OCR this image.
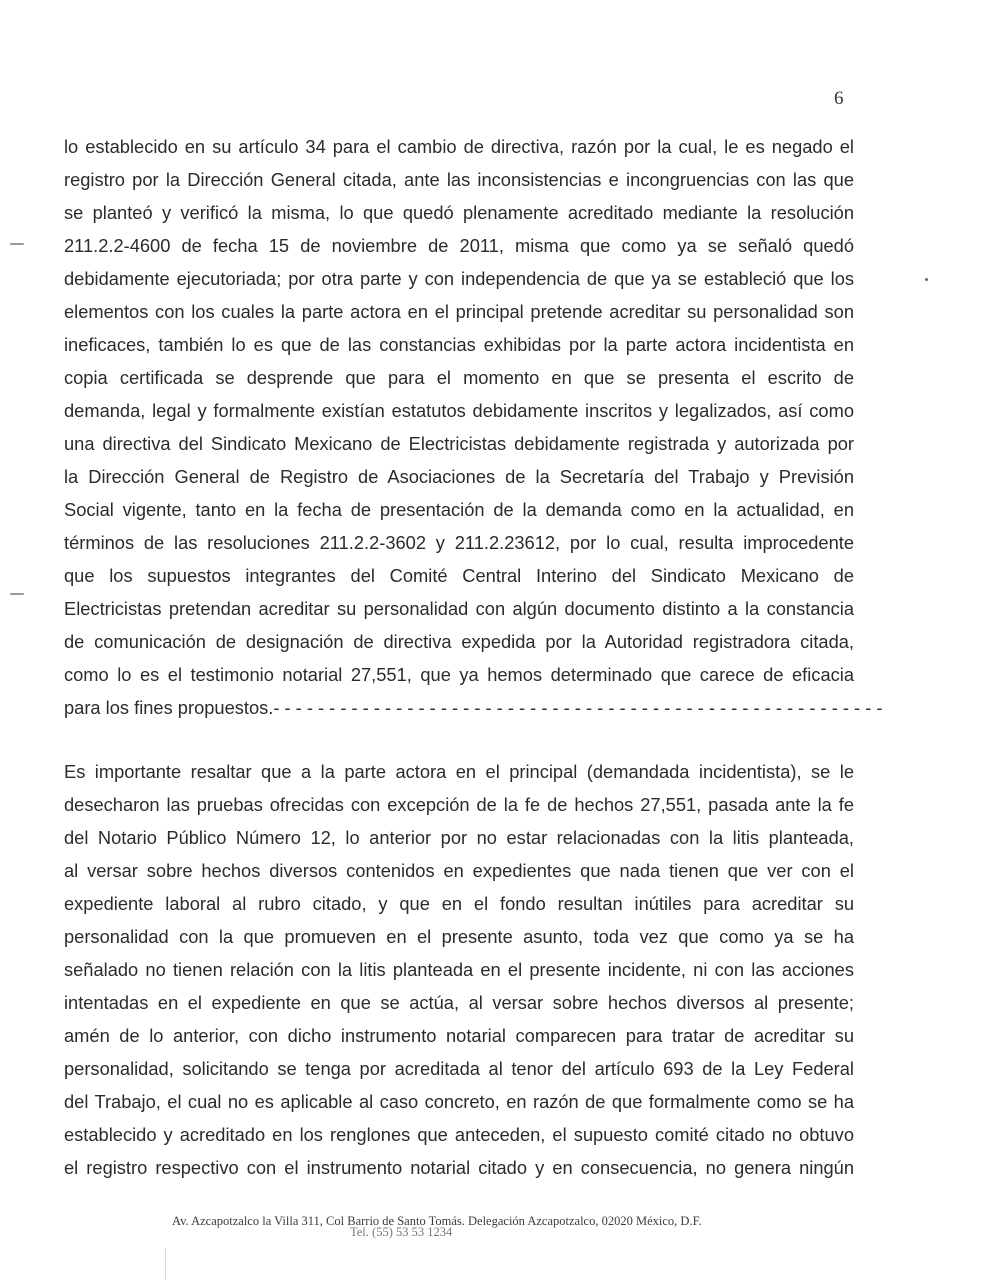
6
lo establecido en su artículo 34 para el cambio de directiva, razón por la cual, le es negado el
registro por la Dirección General citada, ante las inconsistencias e incongruencias con las que
se planteó y verificó la misma, lo que quedó plenamente acreditado mediante la resolución
211.2.2-4600 de fecha 15 de noviembre de 2011, misma que como ya se señaló quedó
debidamente ejecutoriada; por otra parte y con independencia de que ya se estableció que los
elementos con los cuales la parte actora en el principal pretende acreditar su personalidad son
ineficaces, también lo es que de las constancias exhibidas por la parte actora incidentista en
copia certificada se desprende que para el momento en que se presenta el escrito de
demanda, legal y formalmente existían estatutos debidamente inscritos y legalizados, así como
una directiva del Sindicato Mexicano de Electricistas debidamente registrada y autorizada por
la Dirección General de Registro de Asociaciones de la Secretaría del Trabajo y Previsión
Social vigente, tanto en la fecha de presentación de la demanda como en la actualidad, en
términos de las resoluciones 211.2.2-3602 y 211.2.23612, por lo cual, resulta improcedente
que los supuestos integrantes del Comité Central Interino del Sindicato Mexicano de
Electricistas pretendan acreditar su personalidad con algún documento distinto a la constancia
de comunicación de designación de directiva expedida por la Autoridad registradora citada,
como lo es el testimonio notarial 27,551, que ya hemos determinado que carece de eficacia
para los fines propuestos.- - - - - - - - - - - - - - - - - - - - - - - - - - - - - - - - - - - - - - - - - - - - - - - - - - - - - - -
Es importante resaltar que a la parte actora en el principal (demandada incidentista), se le
desecharon las pruebas ofrecidas con excepción de la fe de hechos 27,551, pasada ante la fe
del Notario Público Número 12, lo anterior por no estar relacionadas con la litis planteada,
al versar sobre hechos diversos contenidos en expedientes que nada tienen que ver con el
expediente laboral al rubro citado, y que en el fondo resultan inútiles para acreditar su
personalidad con la que promueven en el presente asunto, toda vez que como ya se ha
señalado no tienen relación con la litis planteada en el presente incidente, ni con las acciones
intentadas en el expediente en que se actúa, al versar sobre hechos diversos al presente;
amén de lo anterior, con dicho instrumento notarial comparecen para tratar de acreditar su
personalidad, solicitando se tenga por acreditada al tenor del artículo 693 de la Ley Federal
del Trabajo, el cual no es aplicable al caso concreto, en razón de que formalmente como se ha
establecido y acreditado en los renglones que anteceden, el supuesto comité citado no obtuvo
el registro respectivo con el instrumento notarial citado y en consecuencia, no genera ningún
Av. Azcapotzalco la Villa 311, Col Barrio de Santo Tomás. Delegación Azcapotzalco, 02020 México, D.F.
Tel. (55) 53 53 1234
